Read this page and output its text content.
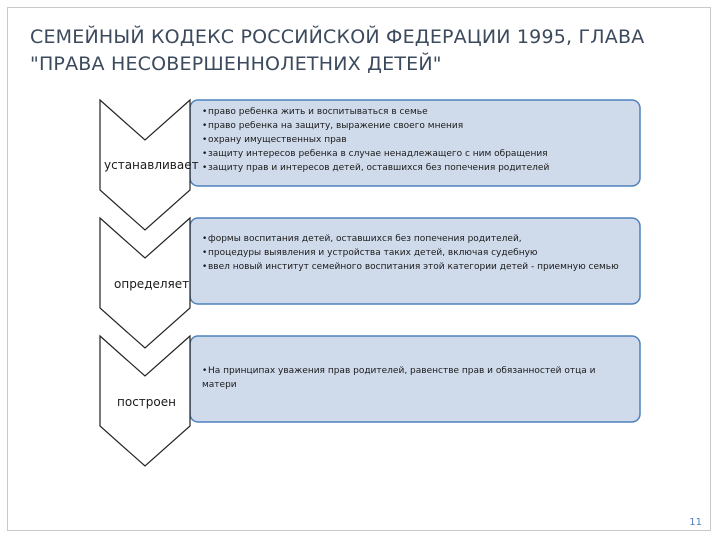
СЕМЕЙНЫЙ КОДЕКС РОССИЙСКОЙ ФЕДЕРАЦИИ 1995, ГЛАВА
"ПРАВА НЕСОВЕРШЕННОЛЕТНИХ ДЕТЕЙ"
устанавливает
определяет
построен
•право ребенка жить и воспитываться в семье
•право ребенка на защиту, выражение своего мнения
•охрану имущественных прав
•защиту интересов ребенка в случае ненадлежащего с ним обращения
•защиту прав и интересов детей, оставшихся без попечения родителей
•формы воспитания детей, оставшихся без попечения родителей,
•процедуры выявления и устройства таких детей, включая судебную
•ввел новый институт семейного воспитания этой категории детей - приемную семью
•На принципах уважения прав родителей, равенстве прав и обязанностей отца и матери
11
